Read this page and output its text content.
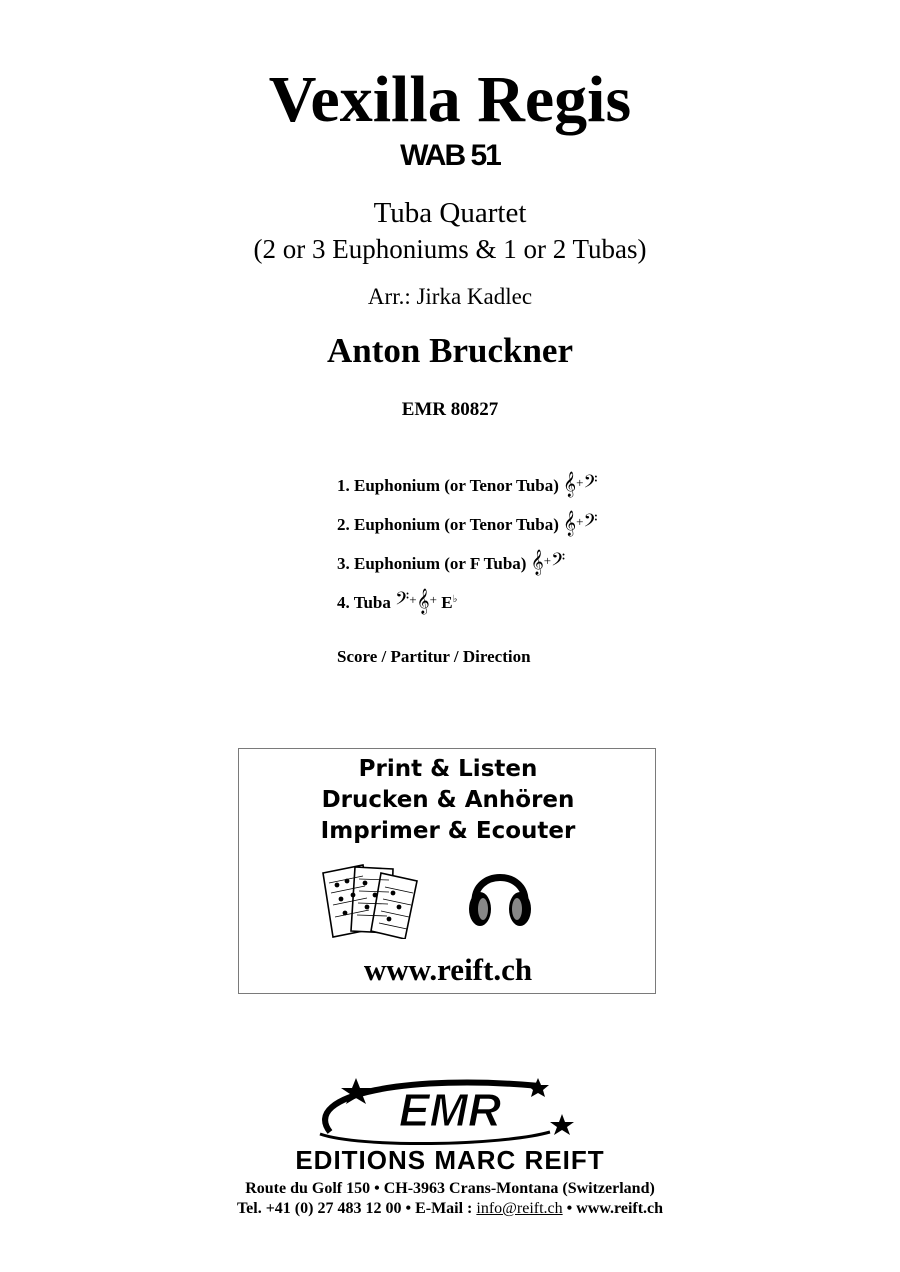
Vexilla Regis
WAB 51
Tuba Quartet
(2 or 3 Euphoniums & 1 or 2 Tubas)
Arr.: Jirka Kadlec
Anton Bruckner
EMR 80827
1. Euphonium (or Tenor Tuba) 𝄞+𝄢
2. Euphonium (or Tenor Tuba) 𝄞+𝄢
3. Euphonium (or F Tuba) 𝄞+𝄢
4. Tuba 𝄢+𝄞+ E♭
Score / Partitur / Direction
Print & Listen
Drucken & Anhören
Imprimer & Ecouter
www.reift.ch
EMR
EDITIONS MARC REIFT
Route du Golf 150 • CH-3963 Crans-Montana (Switzerland)
Tel. +41 (0) 27 483 12 00 • E-Mail : info@reift.ch • www.reift.ch
